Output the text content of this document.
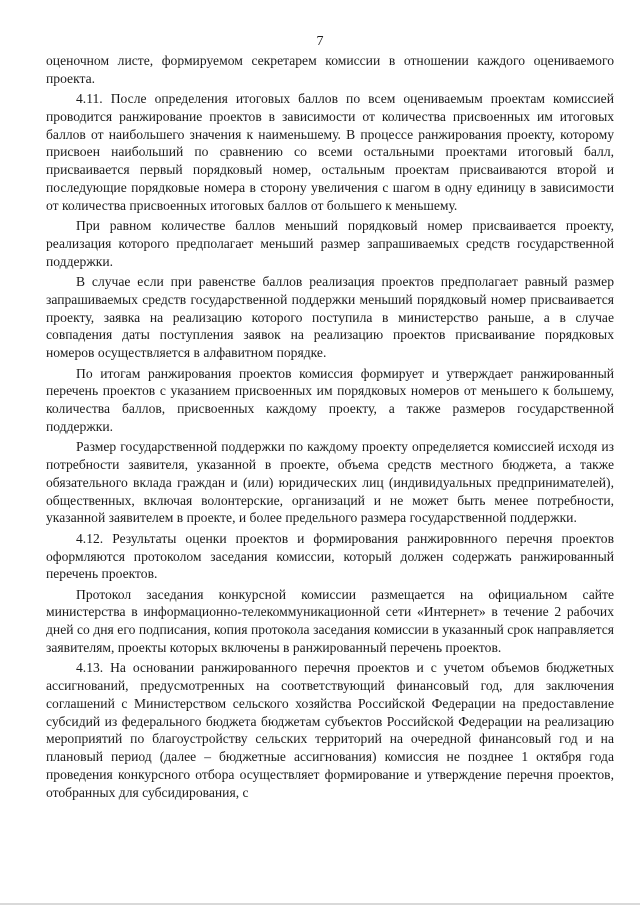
7

оценочном листе, формируемом секретарем комиссии в отношении каждого оцениваемого проекта.

4.11. После определения итоговых баллов по всем оцениваемым проектам комиссией проводится ранжирование проектов в зависимости от количества присвоенных им итоговых баллов от наибольшего значения к наименьшему. В процессе ранжирования проекту, которому присвоен наибольший по сравнению со всеми остальными проектами итоговый балл, присваивается первый порядковый номер, остальным проектам присваиваются второй и последующие порядковые номера в сторону увеличения с шагом в одну единицу в зависимости от количества присвоенных итоговых баллов от большего к меньшему.

При равном количестве баллов меньший порядковый номер присваивается проекту, реализация которого предполагает меньший размер запрашиваемых средств государственной поддержки.

В случае если при равенстве баллов реализация проектов предполагает равный размер запрашиваемых средств государственной поддержки меньший порядковый номер присваивается проекту, заявка на реализацию которого поступила в министерство раньше, а в случае совпадения даты поступления заявок на реализацию проектов присваивание порядковых номеров осуществляется в алфавитном порядке.

По итогам ранжирования проектов комиссия формирует и утверждает ранжированный перечень проектов с указанием присвоенных им порядковых номеров от меньшего к большему, количества баллов, присвоенных каждому проекту, а также размеров государственной поддержки.

Размер государственной поддержки по каждому проекту определяется комиссией исходя из потребности заявителя, указанной в проекте, объема средств местного бюджета, а также обязательного вклада граждан и (или) юридических лиц (индивидуальных предпринимателей), общественных, включая волонтерские, организаций и не может быть менее потребности, указанной заявителем в проекте, и более предельного размера государственной поддержки.

4.12. Результаты оценки проектов и формирования ранжировнного перечня проектов оформляются протоколом заседания комиссии, который должен содержать ранжированный перечень проектов.

Протокол заседания конкурсной комиссии размещается на официальном сайте министерства в информационно-телекоммуникационной сети «Интернет» в течение 2 рабочих дней со дня его подписания, копия протокола заседания комиссии в указанный срок направляется заявителям, проекты которых включены в ранжированный перечень проектов.

4.13. На основании ранжированного перечня проектов и с учетом объемов бюджетных ассигнований, предусмотренных на соответствующий финансовый год, для заключения соглашений с Министерством сельского хозяйства Российской Федерации на предоставление субсидий из федерального бюджета бюджетам субъектов Российской Федерации на реализацию мероприятий по благоустройству сельских территорий на очередной финансовый год и на плановый период (далее – бюджетные ассигнования) комиссия не позднее 1 октября года проведения конкурсного отбора осуществляет формирование и утверждение перечня проектов, отобранных для субсидирования, с
